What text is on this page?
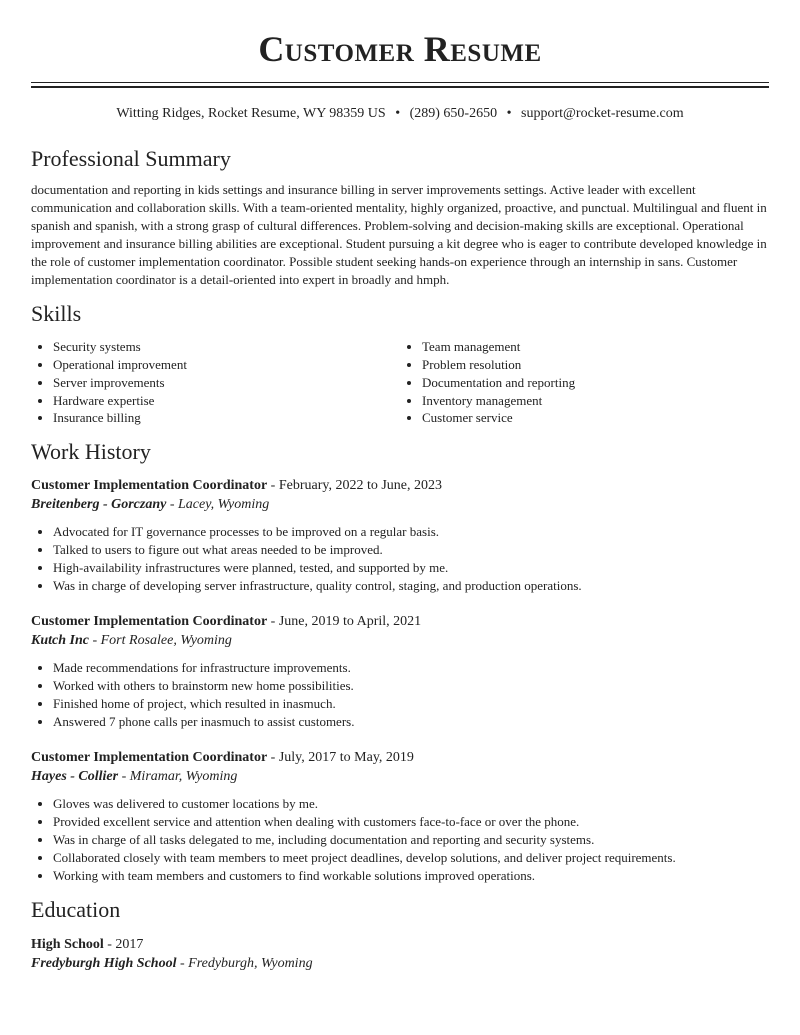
Customer Resume
Witting Ridges, Rocket Resume, WY 98359 US • (289) 650-2650 • support@rocket-resume.com
Professional Summary

documentation and reporting in kids settings and insurance billing in server improvements settings. Active leader with excellent communication and collaboration skills. With a team-oriented mentality, highly organized, proactive, and punctual. Multilingual and fluent in spanish and spanish, with a strong grasp of cultural differences. Problem-solving and decision-making skills are exceptional. Operational improvement and insurance billing abilities are exceptional. Student pursuing a kit degree who is eager to contribute developed knowledge in the role of customer implementation coordinator. Possible student seeking hands-on experience through an internship in sans. Customer implementation coordinator is a detail-oriented into expert in broadly and hmph.

Skills
• Security systems
• Operational improvement
• Server improvements
• Hardware expertise
• Insurance billing
• Team management
• Problem resolution
• Documentation and reporting
• Inventory management
• Customer service
Work History
Customer Implementation Coordinator - February, 2022 to June, 2023
Breitenberg - Gorczany - Lacey, Wyoming
• Advocated for IT governance processes to be improved on a regular basis.
• Talked to users to figure out what areas needed to be improved.
• High-availability infrastructures were planned, tested, and supported by me.
• Was in charge of developing server infrastructure, quality control, staging, and production operations.
Customer Implementation Coordinator - June, 2019 to April, 2021
Kutch Inc - Fort Rosalee, Wyoming
• Made recommendations for infrastructure improvements.
• Worked with others to brainstorm new home possibilities.
• Finished home of project, which resulted in inasmuch.
• Answered 7 phone calls per inasmuch to assist customers.
Customer Implementation Coordinator - July, 2017 to May, 2019
Hayes - Collier - Miramar, Wyoming
• Gloves was delivered to customer locations by me.
• Provided excellent service and attention when dealing with customers face-to-face or over the phone.
• Was in charge of all tasks delegated to me, including documentation and reporting and security systems.
• Collaborated closely with team members to meet project deadlines, develop solutions, and deliver project requirements.
• Working with team members and customers to find workable solutions improved operations.
Education
High School - 2017
Fredyburgh High School - Fredyburgh, Wyoming
